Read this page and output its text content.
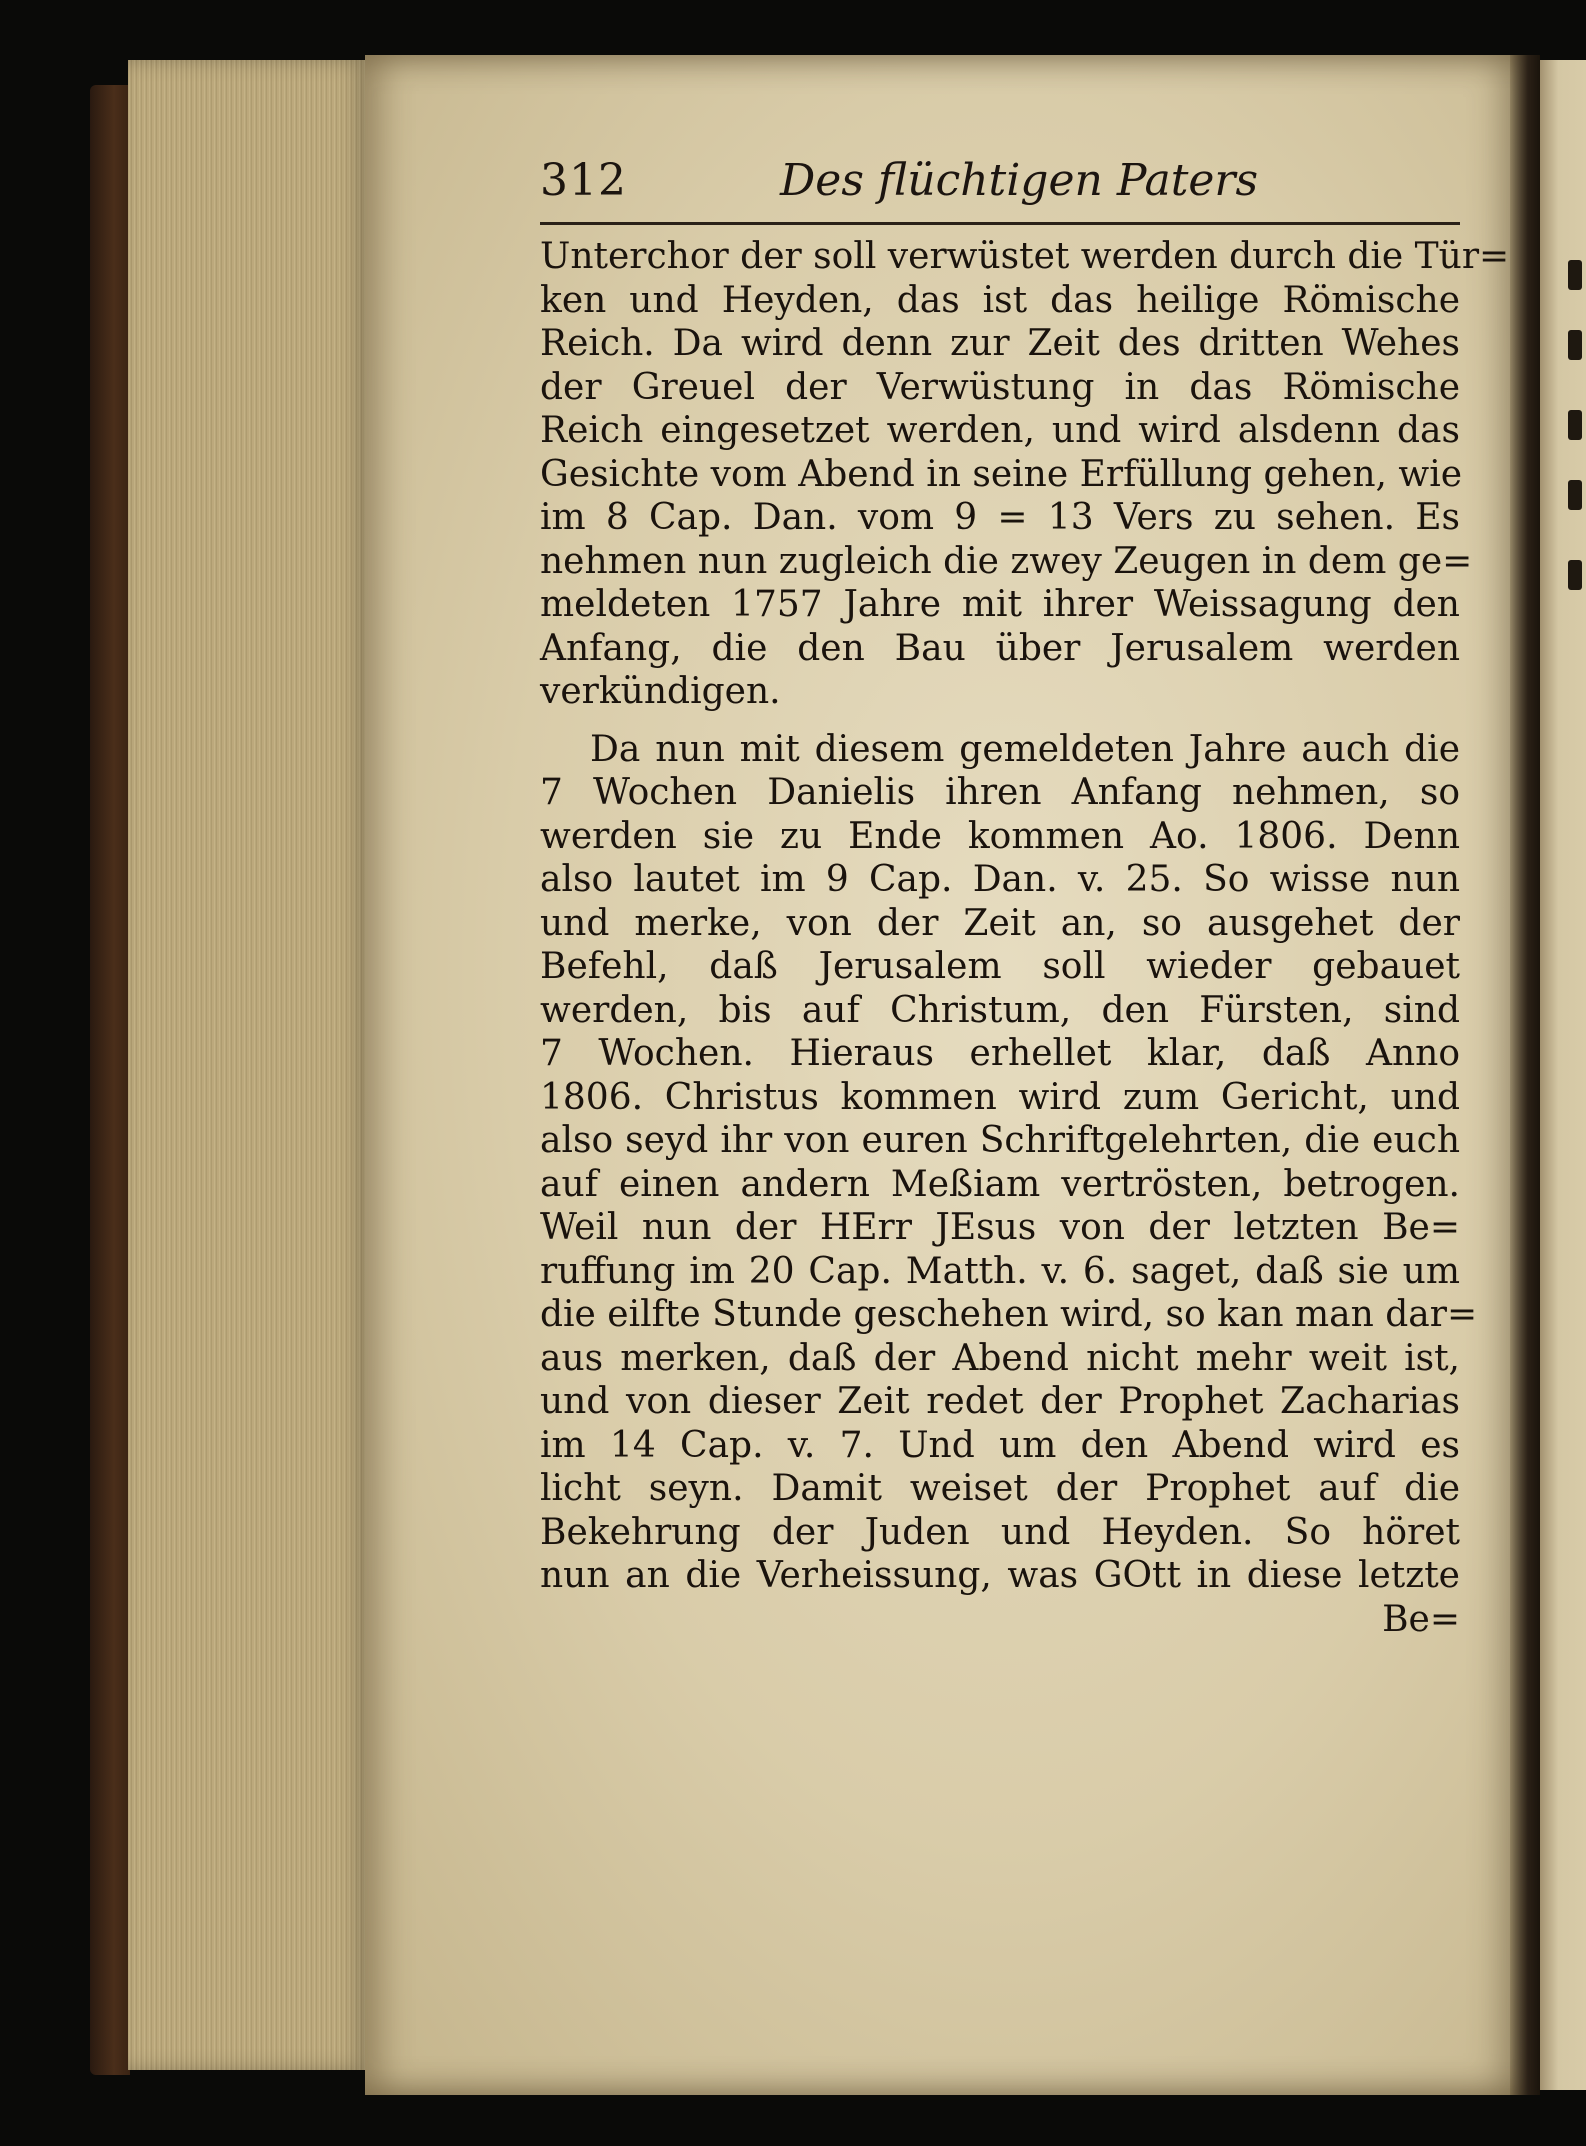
312	Des flüchtigen Paters
Unterchor der soll verwüstet werden durch die Tür=
ken und Heyden, das ist das heilige Römische
Reich. Da wird denn zur Zeit des dritten Wehes
der Greuel der Verwüstung in das Römische
Reich eingesetzet werden, und wird alsdenn das
Gesichte vom Abend in seine Erfüllung gehen, wie
im 8 Cap. Dan. vom 9 = 13 Vers zu sehen. Es
nehmen nun zugleich die zwey Zeugen in dem ge=
meldeten 1757 Jahre mit ihrer Weissagung den
Anfang, die den Bau über Jerusalem werden
verkündigen.
Da nun mit diesem gemeldeten Jahre auch die
7 Wochen Danielis ihren Anfang nehmen, so
werden sie zu Ende kommen Ao. 1806. Denn
also lautet im 9 Cap. Dan. v. 25. So wisse nun
und merke, von der Zeit an, so ausgehet der
Befehl, daß Jerusalem soll wieder gebauet
werden, bis auf Christum, den Fürsten, sind
7 Wochen. Hieraus erhellet klar, daß Anno
1806. Christus kommen wird zum Gericht, und
also seyd ihr von euren Schriftgelehrten, die euch
auf einen andern Meßiam vertrösten, betrogen.
Weil nun der HErr JEsus von der letzten Be=
ruffung im 20 Cap. Matth. v. 6. saget, daß sie um
die eilfte Stunde geschehen wird, so kan man dar=
aus merken, daß der Abend nicht mehr weit ist,
und von dieser Zeit redet der Prophet Zacharias
im 14 Cap. v. 7. Und um den Abend wird es
licht seyn. Damit weiset der Prophet auf die
Bekehrung der Juden und Heyden. So höret
nun an die Verheissung, was GOtt in diese letzte
Be=
